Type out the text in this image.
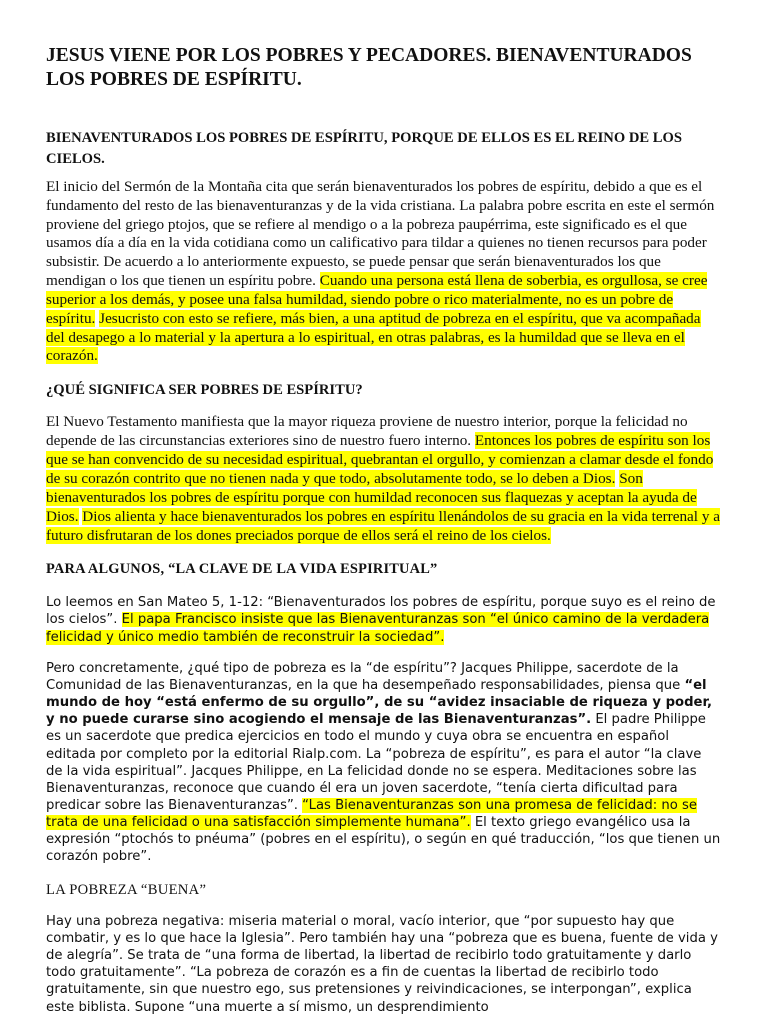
JESUS VIENE POR LOS POBRES Y PECADORES. BIENAVENTURADOS LOS POBRES DE ESPÍRITU.
BIENAVENTURADOS LOS POBRES DE ESPÍRITU, PORQUE DE ELLOS ES EL REINO DE LOS CIELOS.

El inicio del Sermón de la Montaña cita que serán bienaventurados los pobres de espíritu, debido a que es el fundamento del resto de las bienaventuranzas y de la vida cristiana. La palabra pobre escrita en este el sermón proviene del griego ptojos, que se refiere al mendigo o a la pobreza paupérrima, este significado es el que usamos día a día en la vida cotidiana como un calificativo para tildar a quienes no tienen recursos para poder subsistir. De acuerdo a lo anteriormente expuesto, se puede pensar que serán bienaventurados los que mendigan o los que tienen un espíritu pobre. Cuando una persona está llena de soberbia, es orgullosa, se cree superior a los demás, y posee una falsa humildad, siendo pobre o rico materialmente, no es un pobre de espíritu. Jesucristo con esto se refiere, más bien, a una aptitud de pobreza en el espíritu, que va acompañada del desapego a lo material y la apertura a lo espiritual, en otras palabras, es la humildad que se lleva en el corazón.

¿QUÉ SIGNIFICA SER POBRES DE ESPÍRITU?

El Nuevo Testamento manifiesta que la mayor riqueza proviene de nuestro interior, porque la felicidad no depende de las circunstancias exteriores sino de nuestro fuero interno. Entonces los pobres de espíritu son los que se han convencido de su necesidad espiritual, quebrantan el orgullo, y comienzan a clamar desde el fondo de su corazón contrito que no tienen nada y que todo, absolutamente todo, se lo deben a Dios. Son bienaventurados los pobres de espíritu porque con humildad reconocen sus flaquezas y aceptan la ayuda de Dios. Dios alienta y hace bienaventurados los pobres en espíritu llenándolos de su gracia en la vida terrenal y a futuro disfrutaran de los dones preciados porque de ellos será el reino de los cielos.

PARA ALGUNOS, “LA CLAVE DE LA VIDA ESPIRITUAL”

Lo leemos en San Mateo 5, 1-12: “Bienaventurados los pobres de espíritu, porque suyo es el reino de los cielos”. El papa Francisco insiste que las Bienaventuranzas son “el único camino de la verdadera felicidad y único medio también de reconstruir la sociedad”.

Pero concretamente, ¿qué tipo de pobreza es la “de espíritu”? Jacques Philippe, sacerdote de la Comunidad de las Bienaventuranzas, en la que ha desempeñado responsabilidades, piensa que “el mundo de hoy “está enfermo de su orgullo”, de su “avidez insaciable de riqueza y poder, y no puede curarse sino acogiendo el mensaje de las Bienaventuranzas”. El padre Philippe es un sacerdote que predica ejercicios en todo el mundo y cuya obra se encuentra en español editada por completo por la editorial Rialp.com. La “pobreza de espíritu”, es para el autor “la clave de la vida espiritual”. Jacques Philippe, en La felicidad donde no se espera. Meditaciones sobre las Bienaventuranzas, reconoce que cuando él era un joven sacerdote, “tenía cierta dificultad para predicar sobre las Bienaventuranzas”. “Las Bienaventuranzas son una promesa de felicidad: no se trata de una felicidad o una satisfacción simplemente humana”. El texto griego evangélico usa la expresión “ptochós to pnéuma” (pobres en el espíritu), o según en qué traducción, “los que tienen un corazón pobre”.

LA POBREZA “BUENA”

Hay una pobreza negativa: miseria material o moral, vacío interior, que “por supuesto hay que combatir, y es lo que hace la Iglesia”. Pero también hay una “pobreza que es buena, fuente de vida y de alegría”. Se trata de “una forma de libertad, la libertad de recibirlo todo gratuitamente y darlo todo gratuitamente”. “La pobreza de corazón es a fin de cuentas la libertad de recibirlo todo gratuitamente, sin que nuestro ego, sus pretensiones y reivindicaciones, se interpongan”, explica este biblista. Supone “una muerte a sí mismo, un desprendimiento
